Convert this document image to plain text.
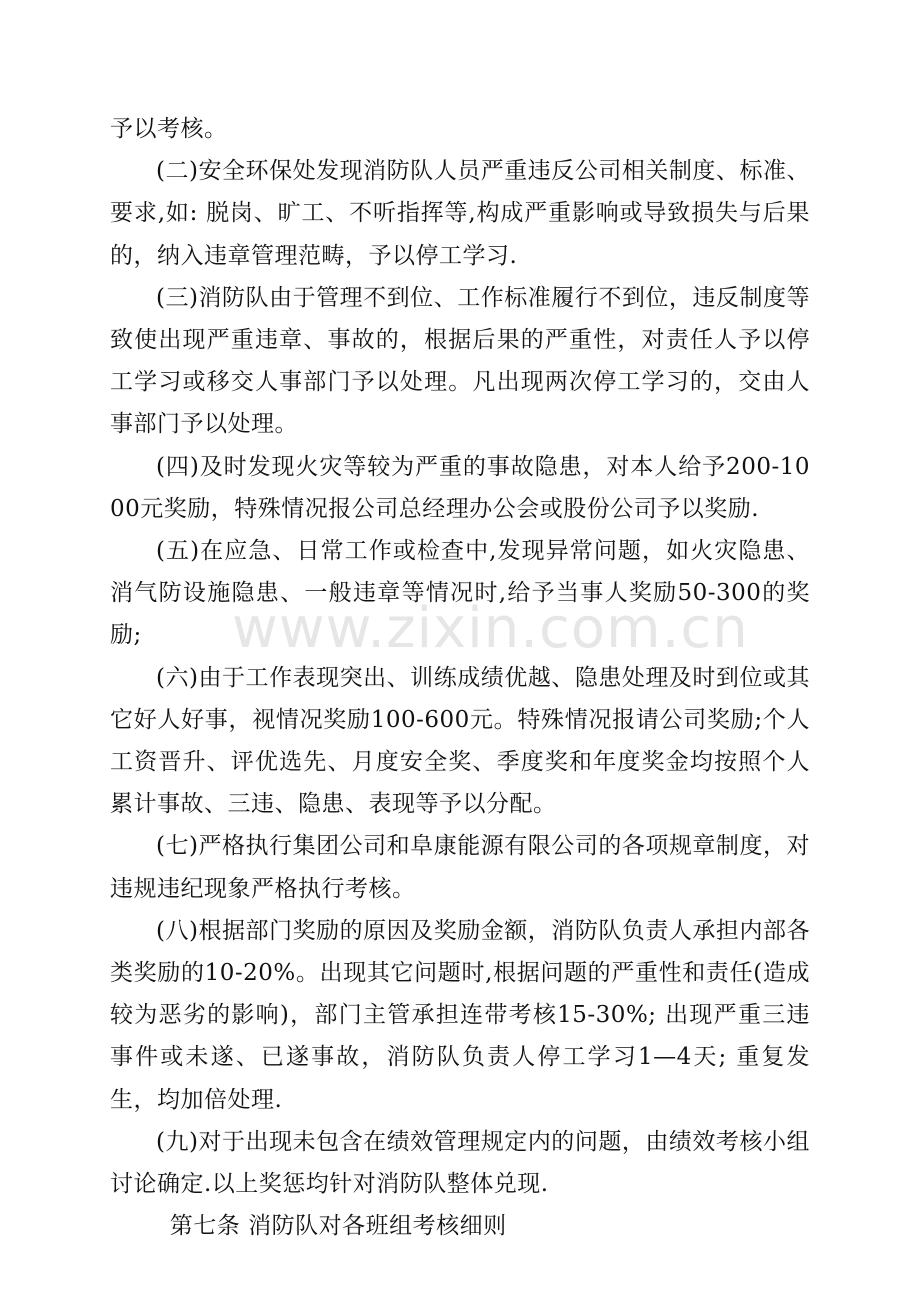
予以考核。

(二)安全环保处发现消防队人员严重违反公司相关制度、标准、要求,如: 脱岗、旷工、不听指挥等,构成严重影响或导致损失与后果的，纳入违章管理范畴，予以停工学习.

(三)消防队由于管理不到位、工作标准履行不到位，违反制度等致使出现严重违章、事故的，根据后果的严重性，对责任人予以停工学习或移交人事部门予以处理。凡出现两次停工学习的，交由人事部门予以处理。

(四)及时发现火灾等较为严重的事故隐患，对本人给予200-1000元奖励，特殊情况报公司总经理办公会或股份公司予以奖励.

(五)在应急、日常工作或检查中,发现异常问题，如火灾隐患、消气防设施隐患、一般违章等情况时,给予当事人奖励50-300的奖励;

(六)由于工作表现突出、训练成绩优越、隐患处理及时到位或其它好人好事，视情况奖励100-600元。特殊情况报请公司奖励;个人工资晋升、评优选先、月度安全奖、季度奖和年度奖金均按照个人累计事故、三违、隐患、表现等予以分配。

(七)严格执行集团公司和阜康能源有限公司的各项规章制度，对违规违纪现象严格执行考核。

(八)根据部门奖励的原因及奖励金额，消防队负责人承担内部各类奖励的10-20%。出现其它问题时,根据问题的严重性和责任(造成较为恶劣的影响)，部门主管承担连带考核15-30%; 出现严重三违事件或未遂、已遂事故，消防队负责人停工学习1—4天; 重复发生，均加倍处理.

(九)对于出现未包含在绩效管理规定内的问题，由绩效考核小组讨论确定.以上奖惩均针对消防队整体兑现.

第七条 消防队对各班组考核细则

www.zixin.com.cn
